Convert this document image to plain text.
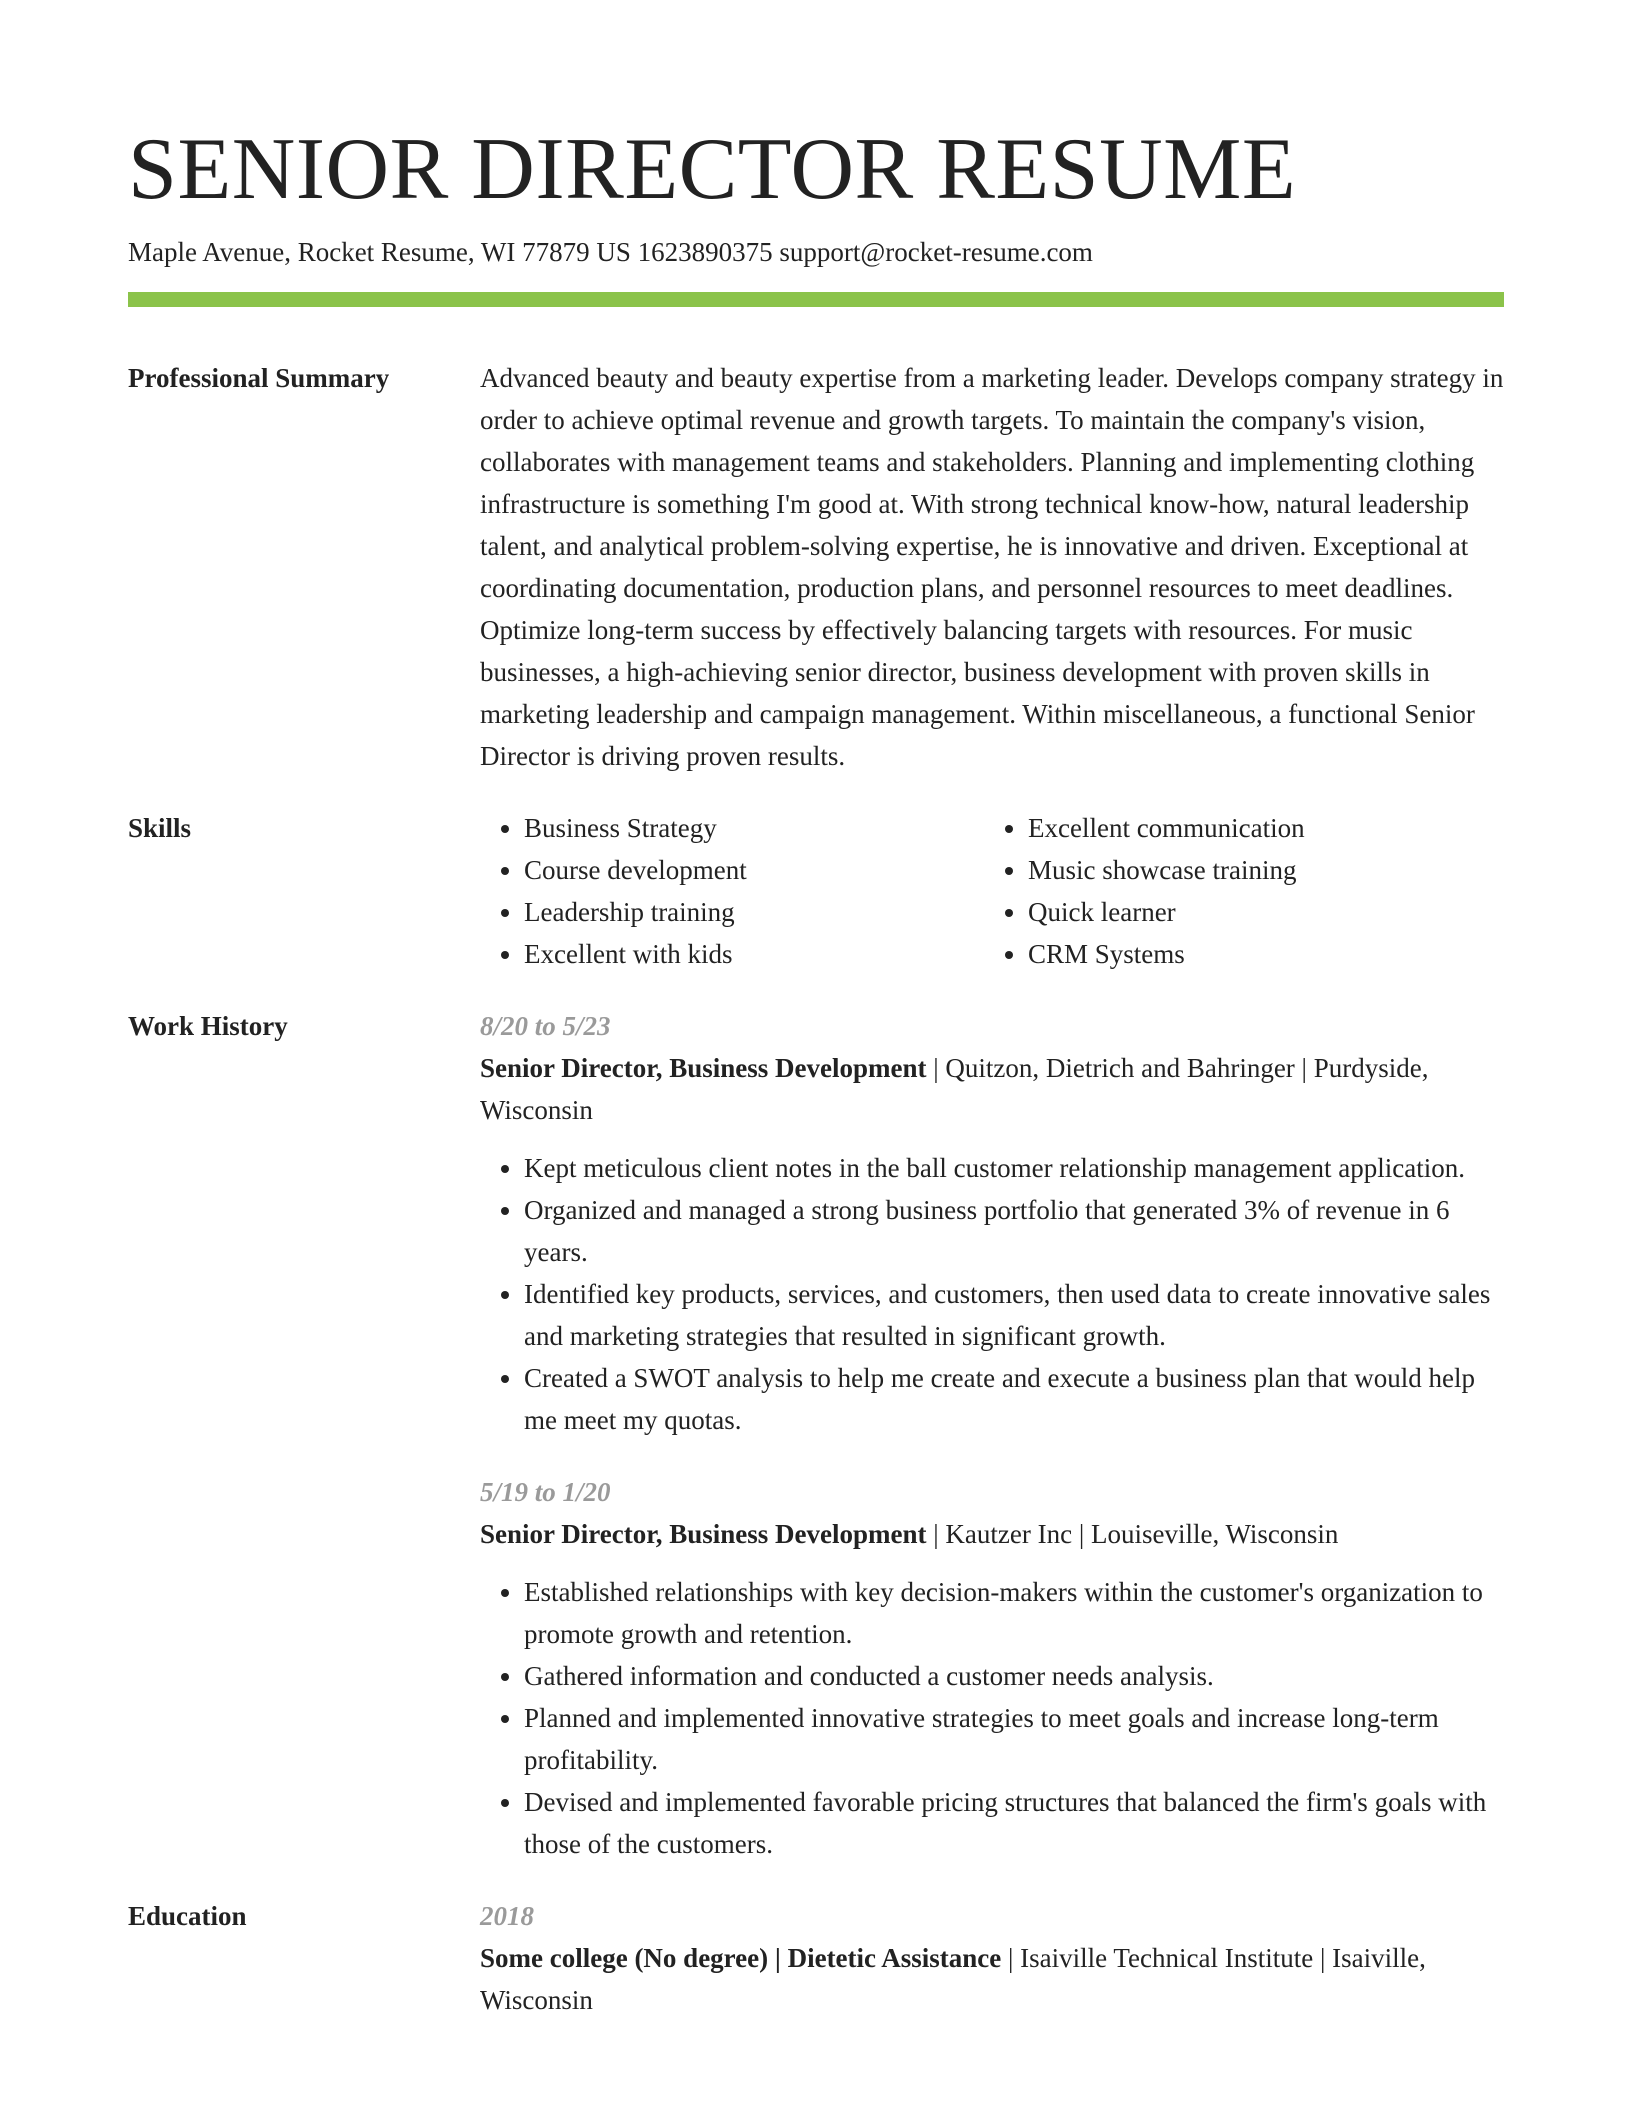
SENIOR DIRECTOR RESUME
Maple Avenue, Rocket Resume, WI 77879 US 1623890375 support@rocket-resume.com
Professional Summary	Advanced beauty and beauty expertise from a marketing leader. Develops company strategy in order to achieve optimal revenue and growth targets. To maintain the company's vision, collaborates with management teams and stakeholders. Planning and implementing clothing infrastructure is something I'm good at. With strong technical know-how, natural leadership talent, and analytical problem-solving expertise, he is innovative and driven. Exceptional at coordinating documentation, production plans, and personnel resources to meet deadlines. Optimize long-term success by effectively balancing targets with resources. For music businesses, a high-achieving senior director, business development with proven skills in marketing leadership and campaign management. Within miscellaneous, a functional Senior Director is driving proven results.
Skills
•	Business Strategy
• Course development
• Leadership training
• Excellent with kids
• Excellent communication
• Music showcase training
• Quick learner
• CRM Systems
Work History	8/20 to 5/23
Senior Director, Business Development | Quitzon, Dietrich and Bahringer | Purdyside, Wisconsin
• Kept meticulous client notes in the ball customer relationship management application.
• Organized and managed a strong business portfolio that generated 3% of revenue in 6 years.
• Identified key products, services, and customers, then used data to create innovative sales and marketing strategies that resulted in significant growth.
• Created a SWOT analysis to help me create and execute a business plan that would help me meet my quotas.
5/19 to 1/20
Senior Director, Business Development | Kautzer Inc | Louiseville, Wisconsin
• Established relationships with key decision-makers within the customer's organization to promote growth and retention.
• Gathered information and conducted a customer needs analysis.
• Planned and implemented innovative strategies to meet goals and increase long-term profitability.
• Devised and implemented favorable pricing structures that balanced the firm's goals with those of the customers.
Education	2018
Some college (No degree) | Dietetic Assistance | Isaiville Technical Institute | Isaiville, Wisconsin
